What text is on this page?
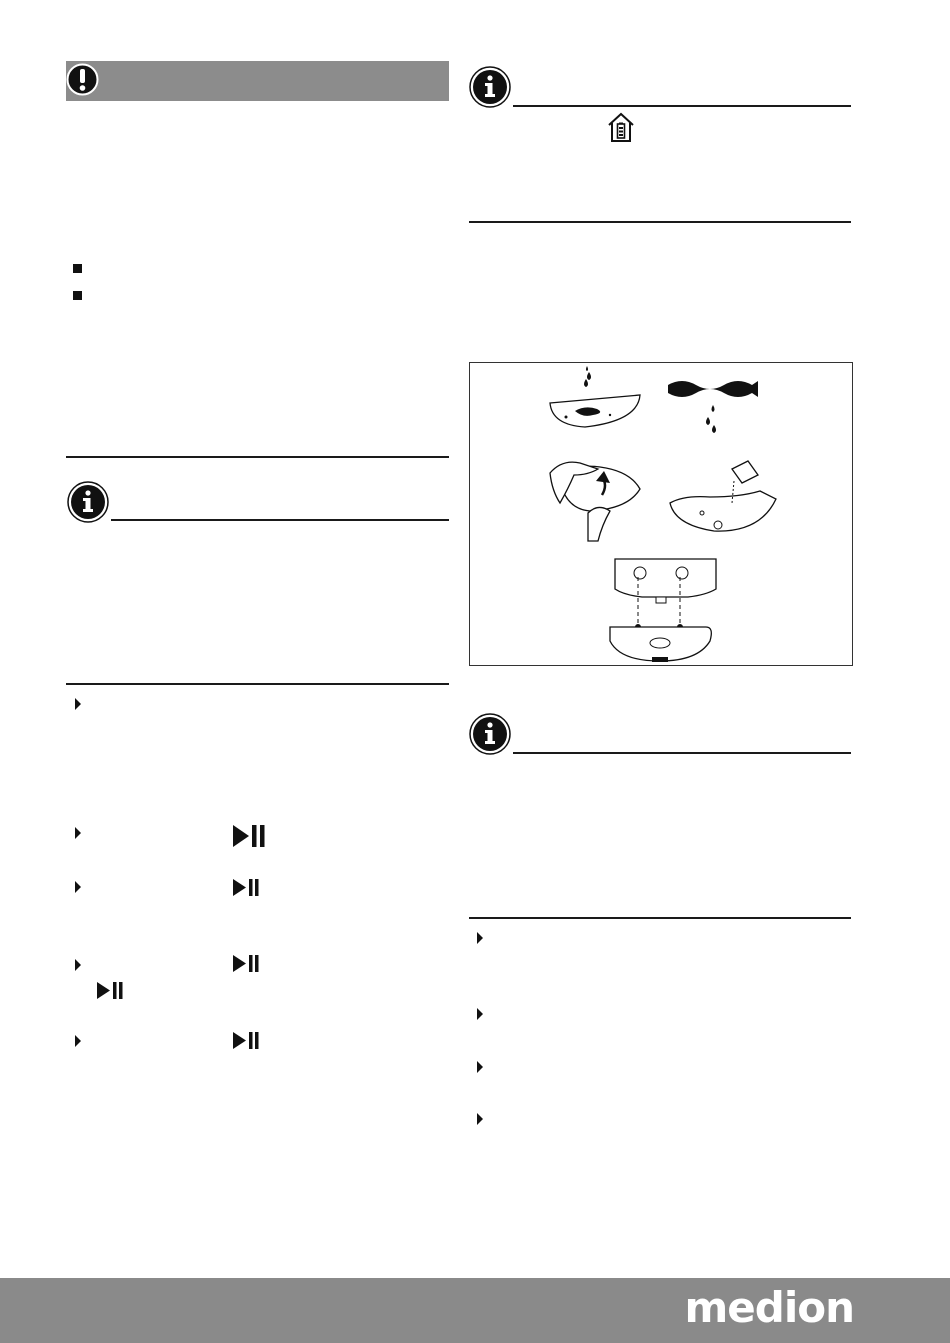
medion
